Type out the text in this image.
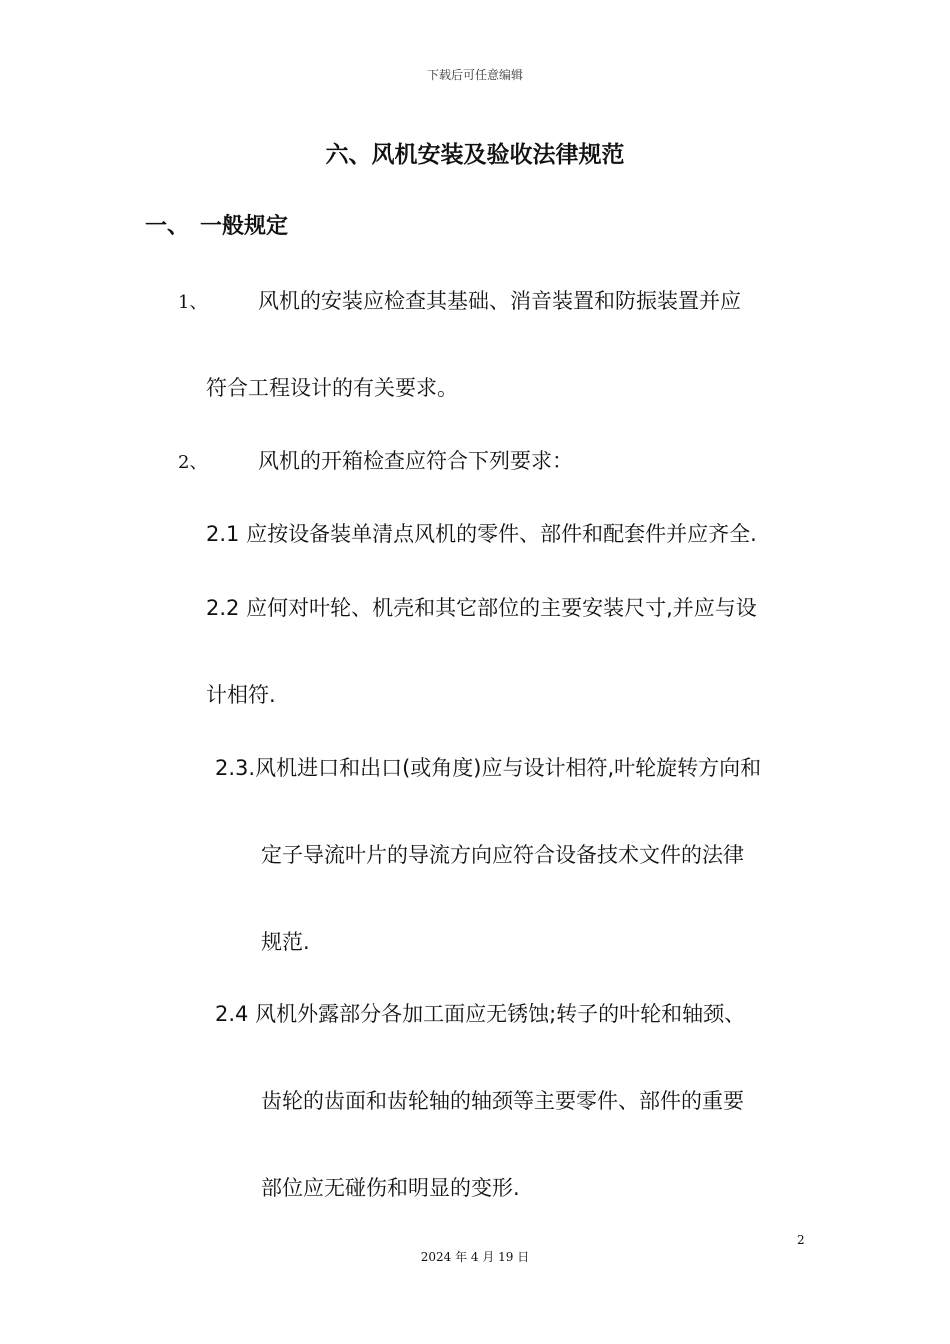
下载后可任意编辑
六、风机安装及验收法律规范
一、 一般规定
1、 风机的安装应检查其基础、消音装置和防振装置并应
符合工程设计的有关要求。
2、 风机的开箱检查应符合下列要求：
2.1 应按设备装单清点风机的零件、部件和配套件并应齐全.
2.2 应何对叶轮、机壳和其它部位的主要安装尺寸,并应与设
计相符.
2.3.风机进口和出口(或角度)应与设计相符,叶轮旋转方向和
定子导流叶片的导流方向应符合设备技术文件的法律
规范.
2.4 风机外露部分各加工面应无锈蚀;转子的叶轮和轴颈、
齿轮的齿面和齿轮轴的轴颈等主要零件、部件的重要
部位应无碰伤和明显的变形.
2
2024 年 4 月 19 日
